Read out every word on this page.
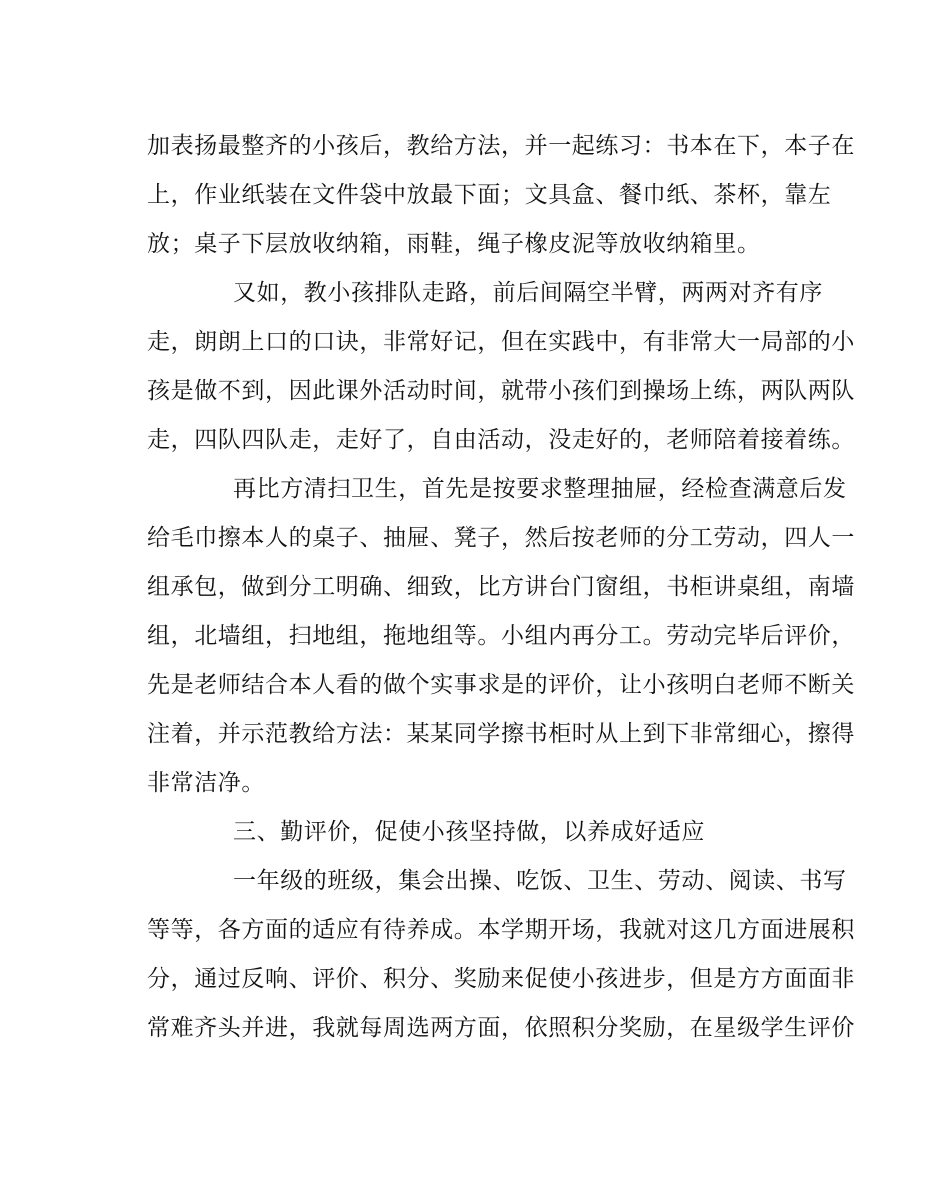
加表扬最整齐的小孩后，教给方法，并一起练习：书本在下，本子在
上，作业纸装在文件袋中放最下面；文具盒、餐巾纸、茶杯，靠左
放；桌子下层放收纳箱，雨鞋，绳子橡皮泥等放收纳箱里。
又如，教小孩排队走路，前后间隔空半臂，两两对齐有序
走，朗朗上口的口诀，非常好记，但在实践中，有非常大一局部的小
孩是做不到，因此课外活动时间，就带小孩们到操场上练，两队两队
走，四队四队走，走好了，自由活动，没走好的，老师陪着接着练。
再比方清扫卫生，首先是按要求整理抽屉，经检查满意后发
给毛巾擦本人的桌子、抽屉、凳子，然后按老师的分工劳动，四人一
组承包，做到分工明确、细致，比方讲台门窗组，书柜讲桌组，南墙
组，北墙组，扫地组，拖地组等。小组内再分工。劳动完毕后评价，
先是老师结合本人看的做个实事求是的评价，让小孩明白老师不断关
注着，并示范教给方法：某某同学擦书柜时从上到下非常细心，擦得
非常洁净。
三、勤评价，促使小孩坚持做，以养成好适应
一年级的班级，集会出操、吃饭、卫生、劳动、阅读、书写
等等，各方面的适应有待养成。本学期开场，我就对这几方面进展积
分，通过反响、评价、积分、奖励来促使小孩进步，但是方方面面非
常难齐头并进，我就每周选两方面，依照积分奖励，在星级学生评价
